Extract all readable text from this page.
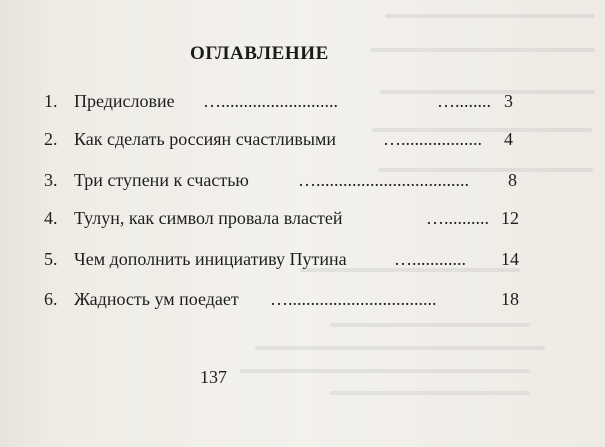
ОГЛАВЛЕНИЕ
1. Предисловие …..........................	…........ 3
2. Как сделать россиян счастливыми	….................. 4
3. Три ступени к счастью	….................................. 8
4. Тулун, как символ провала властей	….......... 12
5. Чем дополнить инициативу Путина	…............ 14
6. Жадность ум поедает ….................................	18
137
